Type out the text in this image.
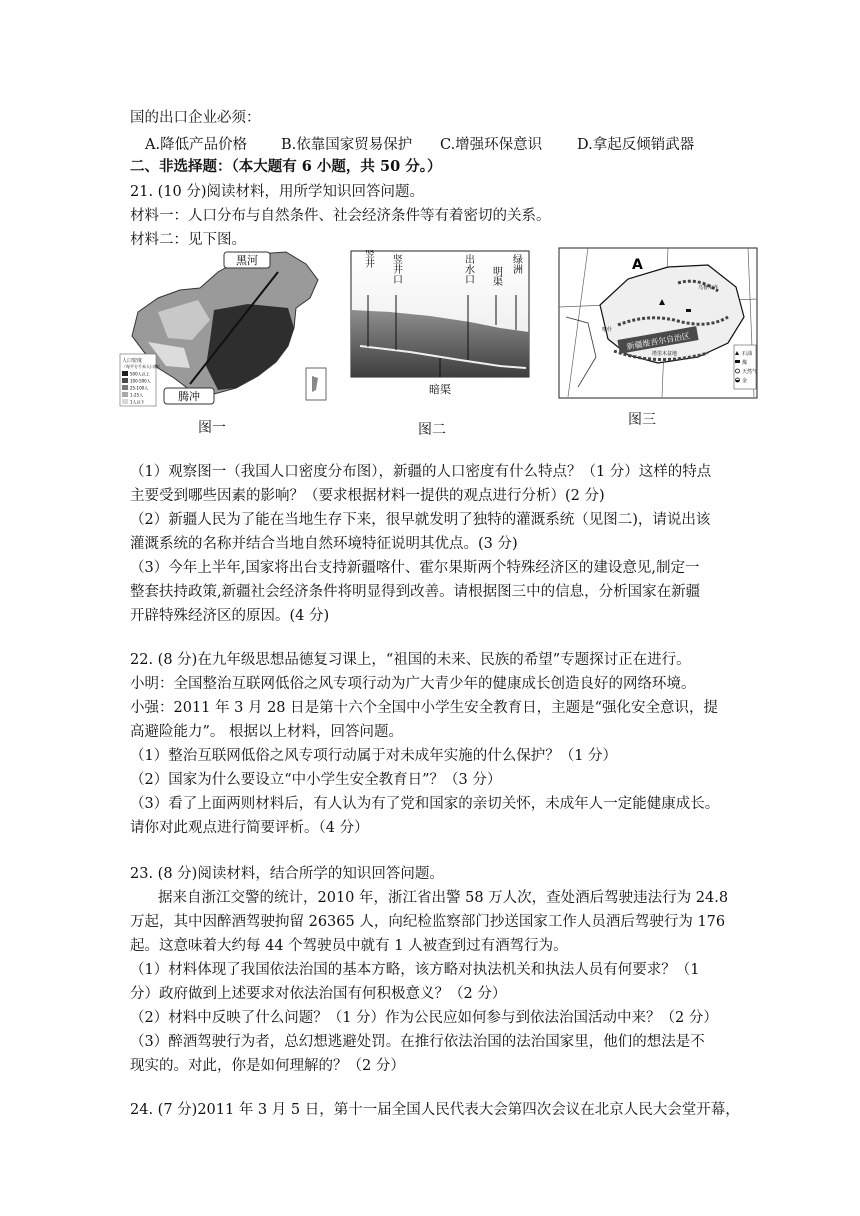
国的出口企业必须：
A.降低产品价格 B.依靠国家贸易保护 C.增强环保意识 D.拿起反倾销武器
二、非选择题：（本大题有 6 小题，共 50 分。）
21. (10 分)阅读材料，用所学知识回答问题。
材料一：人口分布与自然条件、社会经济条件等有着密切的关系。
材料二：见下图。
黑河
腾冲
人口密度
（每平方千米人口数）
500人以上
100-500人
25-100人
1-25人
1人以下
图一
竖井 竖井口	出水口 明渠
绿洲
暗渠
图二
A
新疆维吾尔自治区
乌鲁木齐
喀什
塔里木盆地	石油
煤
天然气
金
图三
（1）观察图一（我国人口密度分布图），新疆的人口密度有什么特点？（1 分）这样的特点
主要受到哪些因素的影响？（要求根据材料一提供的观点进行分析）(2 分)
（2）新疆人民为了能在当地生存下来，很早就发明了独特的灌溉系统（见图二)，请说出该
灌溉系统的名称并结合当地自然环境特征说明其优点。(3 分)
（3）今年上半年,国家将出台支持新疆喀什、霍尔果斯两个特殊经济区的建设意见,制定一
整套扶持政策,新疆社会经济条件将明显得到改善。请根据图三中的信息，分析国家在新疆
开辟特殊经济区的原因。(4 分)
22. (8 分)在九年级思想品德复习课上，“祖国的未来、民族的希望”专题探讨正在进行。
小明：全国整治互联网低俗之风专项行动为广大青少年的健康成长创造良好的网络环境。
小强：2011 年 3 月 28 日是第十六个全国中小学生安全教育日，主题是“强化安全意识，提
高避险能力”。 根据以上材料，回答问题。
（1）整治互联网低俗之风专项行动属于对未成年实施的什么保护？（1 分）
（2）国家为什么要设立“中小学生安全教育日”？（3 分）
（3）看了上面两则材料后，有人认为有了党和国家的亲切关怀，未成年人一定能健康成长。
请你对此观点进行简要评析。（4 分）
23. (8 分)阅读材料，结合所学的知识回答问题。
据来自浙江交警的统计，2010 年，浙江省出警 58 万人次，查处酒后驾驶违法行为 24.8
万起，其中因醉酒驾驶拘留 26365 人，向纪检监察部门抄送国家工作人员酒后驾驶行为 176
起。这意味着大约每 44 个驾驶员中就有 1 人被查到过有酒驾行为。
（1）材料体现了我国依法治国的基本方略，该方略对执法机关和执法人员有何要求？（1
分）政府做到上述要求对依法治国有何积极意义？（2 分）
（2）材料中反映了什么问题？（1 分）作为公民应如何参与到依法治国活动中来？（2 分）
（3）醉酒驾驶行为者，总幻想逃避处罚。在推行依法治国的法治国家里，他们的想法是不
现实的。对此，你是如何理解的？（2 分）
24. (7 分)2011 年 3 月 5 日，第十一届全国人民代表大会第四次会议在北京人民大会堂开幕，
